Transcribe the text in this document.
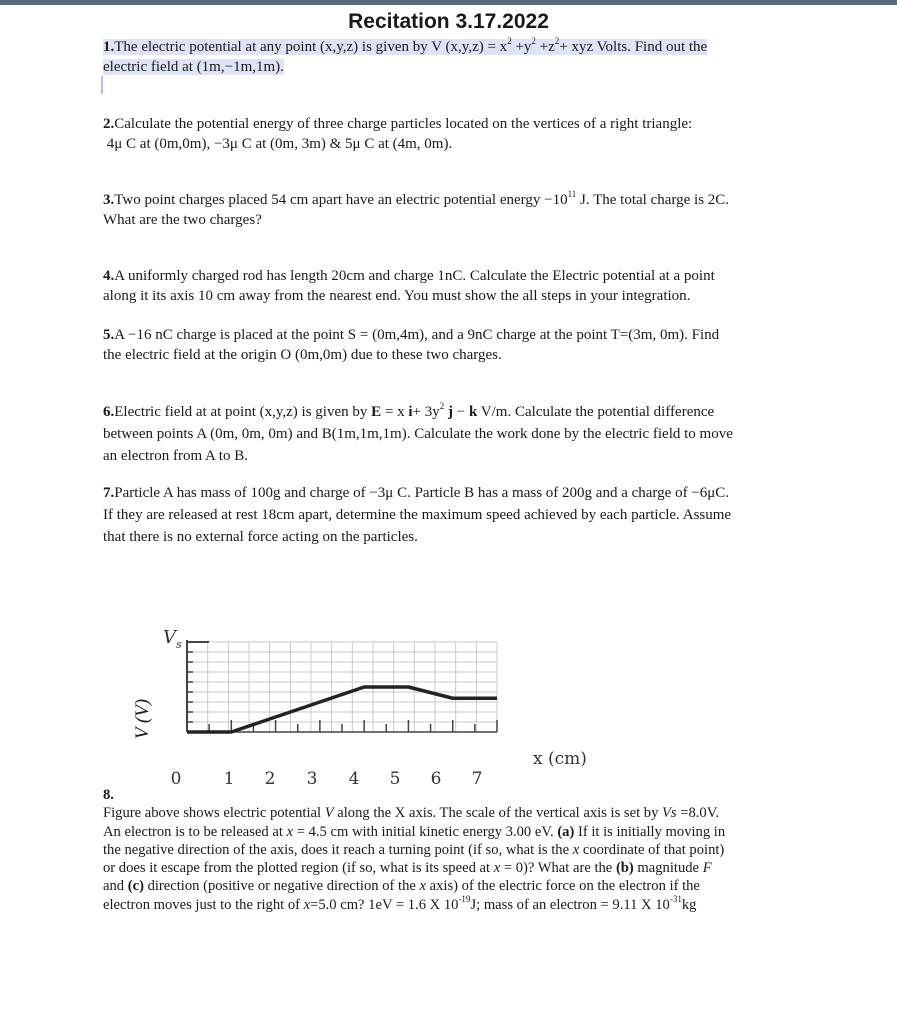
Recitation 3.17.2022

1.The electric potential at any point (x,y,z) is given by V $(x,y,z) = x^2 +y^2 +z^2+$ xyz Volts. Find out the

electric field at (1m,−1m,1m).

2.Calculate the potential energy of three charge particles located on the vertices of a right triangle:

4μ C at (0m,0m), −3μ C at (0m, 3m) & 5μ C at (4m, 0m).

3.Two point charges placed 54 cm apart have an electric potential energy $-10^{11}$ J. The total charge is 2C.

What are the two charges?

4.A uniformly charged rod has length 20cm and charge 1nC. Calculate the Electric potential at a point

along it its axis 10 cm away from the nearest end. You must show the all steps in your integration.

5.A −16 nC charge is placed at the point S = (0m,4m), and a 9nC charge at the point T=(3m, 0m). Find

the electric field at the origin O (0m,0m) due to these two charges.

6.Electric field at at point (x,y,z) is given by E = x $i+ 3y^2$ j − k V/m. Calculate the potential difference

between points A (0m, 0m, 0m) and B(1m,1m,1m). Calculate the work done by the electric field to move

an electron from A to B.

7.Particle A has mass of 100g and charge of −3μ C. Particle B has a mass of 200g and a charge of −6μC.

If they are released at rest 18cm apart, determine the maximum speed achieved by each particle. Assume

that there is no external force acting on the particles.

V (V)
0 1 2 3 4 5 6 7
x (cm)
$V_s$

8.

Figure above shows electric potential V along the X axis. The scale of the vertical axis is set by Vs =8.0V.

An electron is to be released at x = 4.5 cm with initial kinetic energy 3.00 eV. (a) If it is initially moving in

the negative direction of the axis, does it reach a turning point (if so, what is the x coordinate of that point)

or does it escape from the plotted region (if so, what is its speed at x = 0)? What are the (b) magnitude F

and (c) direction (positive or negative direction of the x axis) of the electric force on the electron if the

electron moves just to the right of x=5.0 cm? 1eV = 1.6 X $10^{-19}J$; mass of an electron = 9.11 X $10^{-31}kg$
